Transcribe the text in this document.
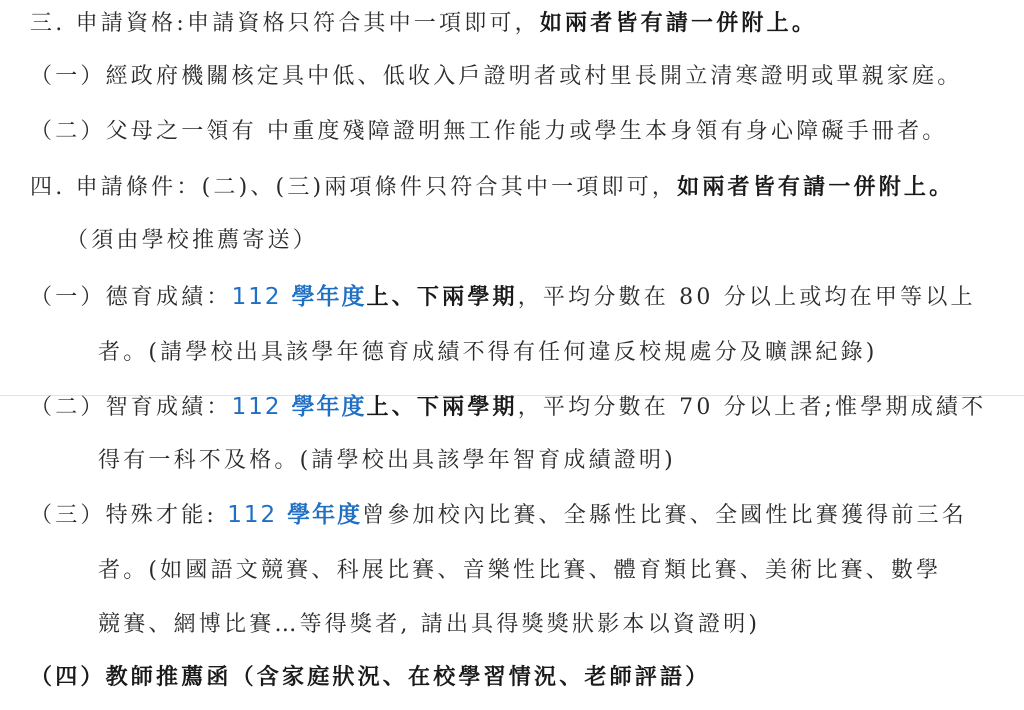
三. 申請資格:申請資格只符合其中一項即可，如兩者皆有請一併附上。
（一）經政府機關核定具中低、低收入戶證明者或村里長開立清寒證明或單親家庭。
（二）父母之一領有 中重度殘障證明無工作能力或學生本身領有身心障礙手冊者。
四. 申請條件：(二)、(三)兩項條件只符合其中一項即可，如兩者皆有請一併附上。
（須由學校推薦寄送）
（一）德育成績：112 學年度上、下兩學期，平均分數在 80 分以上或均在甲等以上
者。(請學校出具該學年德育成績不得有任何違反校規處分及曠課紀錄)
（二）智育成績：112 學年度上、下兩學期，平均分數在 70 分以上者;惟學期成績不
得有一科不及格。(請學校出具該學年智育成績證明)
（三）特殊才能: 112 學年度曾參加校內比賽、全縣性比賽、全國性比賽獲得前三名
者。(如國語文競賽、科展比賽、音樂性比賽、體育類比賽、美術比賽、數學
競賽、網博比賽…等得獎者, 請出具得獎獎狀影本以資證明)
（四）教師推薦函（含家庭狀況、在校學習情況、老師評語）
